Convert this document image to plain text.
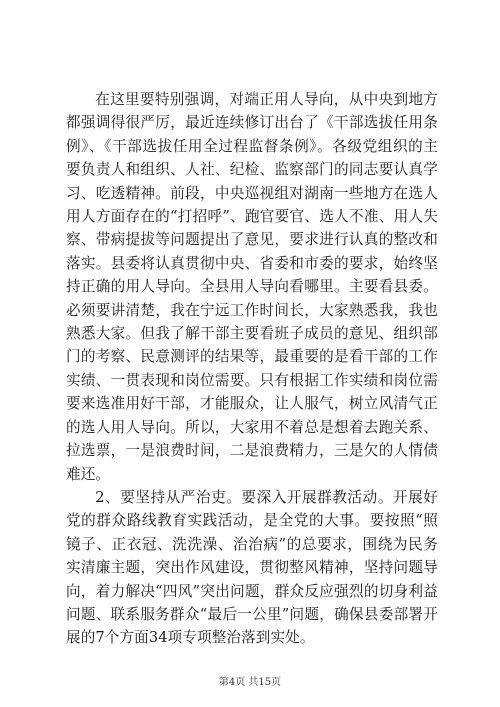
在这里要特别强调，对端正用人导向，从中央到地方都强调得很严厉，最近连续修订出台了《干部选拔任用条例》、《干部选拔任用全过程监督条例》。各级党组织的主要负责人和组织、人社、纪检、监察部门的同志要认真学习、吃透精神。前段，中央巡视组对湖南一些地方在选人用人方面存在的“打招呼”、跑官要官、选人不准、用人失察、带病提拔等问题提出了意见，要求进行认真的整改和落实。县委将认真贯彻中央、省委和市委的要求，始终坚持正确的用人导向。全县用人导向看哪里。主要看县委。必须要讲清楚，我在宁远工作时间长，大家熟悉我，我也熟悉大家。但我了解干部主要看班子成员的意见、组织部门的考察、民意测评的结果等，最重要的是看干部的工作实绩、一贯表现和岗位需要。只有根据工作实绩和岗位需要来选准用好干部，才能服众，让人服气，树立风清气正的选人用人导向。所以，大家用不着总是想着去跑关系、拉选票，一是浪费时间，二是浪费精力，三是欠的人情债难还。

2、要坚持从严治吏。要深入开展群教活动。开展好党的群众路线教育实践活动，是全党的大事。要按照“照镜子、正衣冠、洗洗澡、治治病”的总要求，围绕为民务实清廉主题，突出作风建设，贯彻整风精神，坚持问题导向，着力解决“四风”突出问题，群众反应强烈的切身利益问题、联系服务群众“最后一公里”问题，确保县委部署开展的7个方面34项专项整治落到实处。

第4页 共15页
